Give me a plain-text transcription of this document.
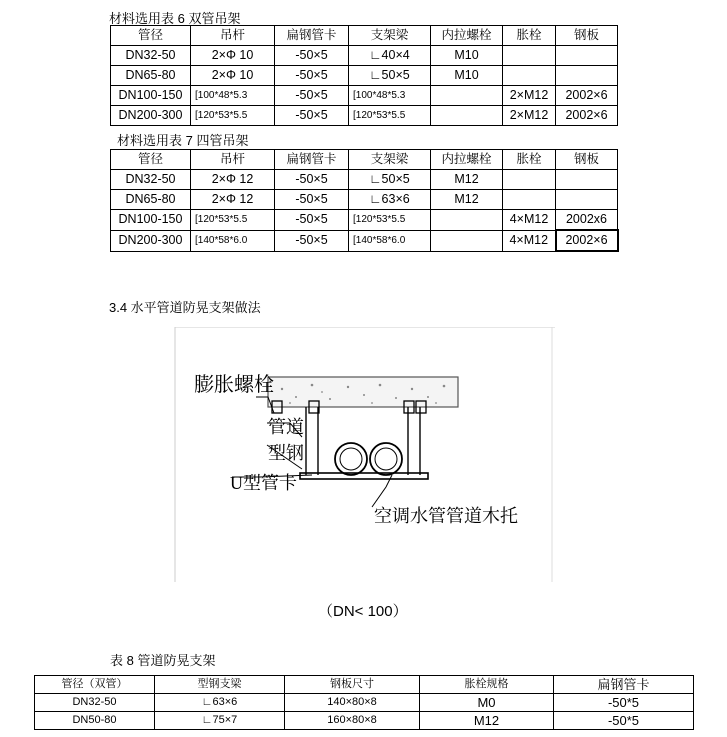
材料选用表 6 双管吊架
管径	吊杆	扁钢管卡	支架梁	内拉螺栓	胀栓	钢板
DN32-50	2×Φ 10	-50×5	∟40×4	M10		
DN65-80	2×Φ 10	-50×5	∟50×5	M10		
DN100-150	[100*48*5.3	-50×5	[100*48*5.3		2×M12	2002×6
DN200-300	[120*53*5.5	-50×5	[120*53*5.5		2×M12	2002×6
材料选用表 7 四管吊架
管径	吊杆	扁钢管卡	支架梁	内拉螺栓	胀栓	钢板
DN32-50	2×Φ 12	-50×5	∟50×5	M12		
DN65-80	2×Φ 12	-50×5	∟63×6	M12		
DN100-150	[120*53*5.5	-50×5	[120*53*5.5		4×M12	2002x6
DN200-300	[140*58*6.0	-50×5	[140*58*6.0		4×M12	2002×6
3.4 水平管道防晃支架做法
膨胀螺栓
管道
型钢
U型管卡
空调水管管道木托
（DN< 100）
表 8 管道防晃支架
管径（双管）	型钢支梁	钢板尺寸	胀栓规格	扁钢管卡
DN32-50	∟63×6	140×80×8	M0	-50*5
DN50-80	∟75×7	160×80×8	M12	-50*5
